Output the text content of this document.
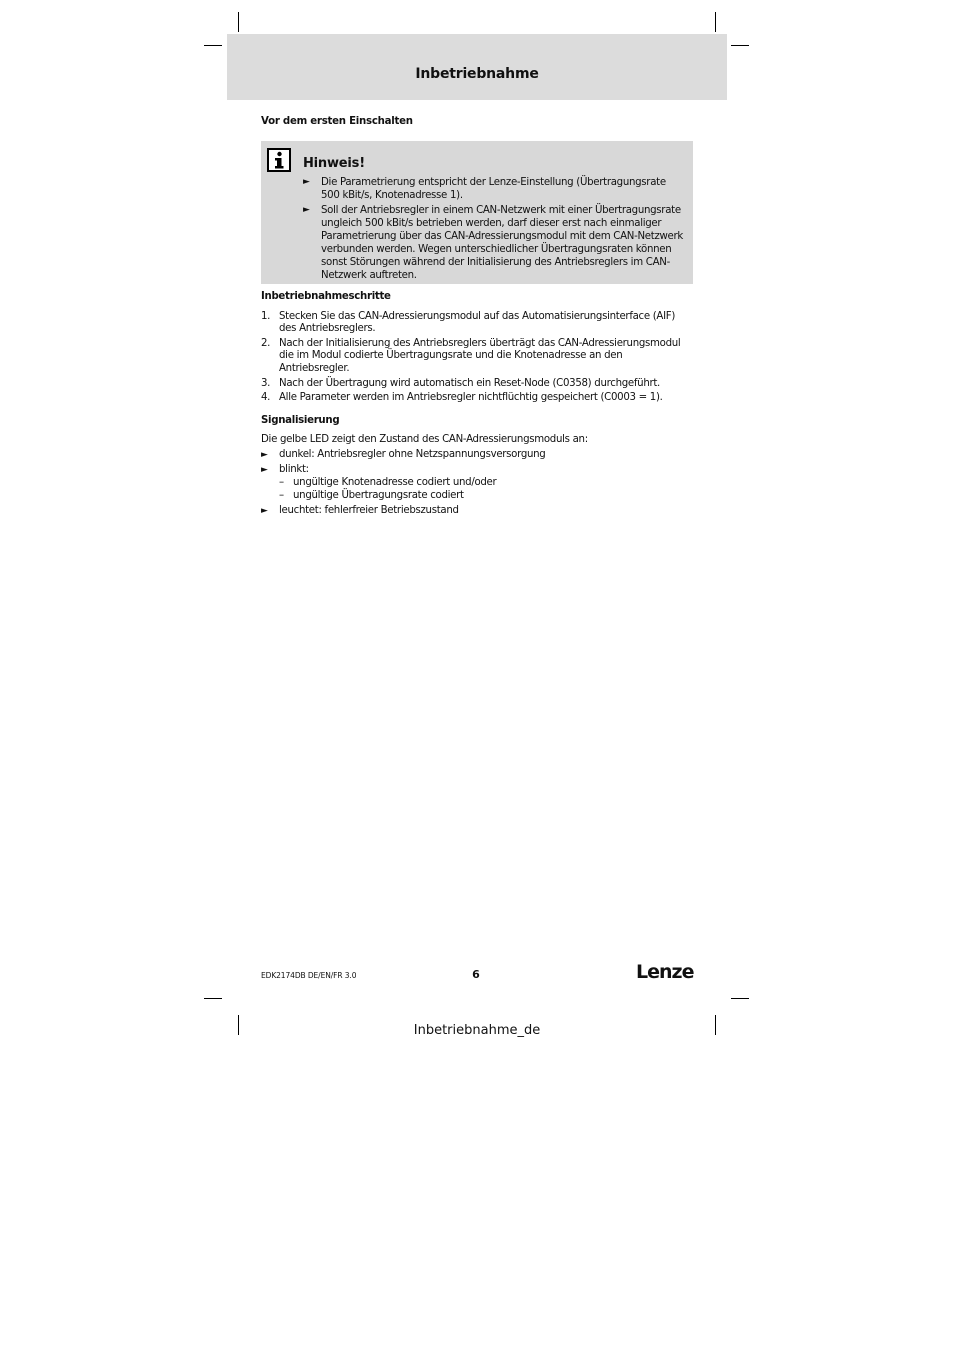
Inbetriebnahme
Vor dem ersten Einschalten
Hinweis!
► Die Parametrierung entspricht der Lenze-Einstellung (Übertragungsrate 500 kBit/s, Knotenadresse 1).
► Soll der Antriebsregler in einem CAN-Netzwerk mit einer Übertragungsrate ungleich 500 kBit/s betrieben werden, darf dieser erst nach einmaliger Parametrierung über das CAN-Adressierungsmodul mit dem CAN-Netzwerk verbunden werden. Wegen unterschiedlicher Übertragungsraten können sonst Störungen während der Initialisierung des Antriebsreglers im CAN-Netzwerk auftreten.
Inbetriebnahmeschritte
1. Stecken Sie das CAN-Adressierungsmodul auf das Automatisierungsinterface (AIF) des Antriebsreglers.
2. Nach der Initialisierung des Antriebsreglers überträgt das CAN-Adressierungsmodul die im Modul codierte Übertragungsrate und die Knotenadresse an den Antriebsregler.
3. Nach der Übertragung wird automatisch ein Reset-Node (C0358) durchgeführt.
4. Alle Parameter werden im Antriebsregler nichtflüchtig gespeichert (C0003 = 1).
Signalisierung
Die gelbe LED zeigt den Zustand des CAN-Adressierungsmoduls an:
► dunkel: Antriebsregler ohne Netzspannungsversorgung
► blinkt:
– ungültige Knotenadresse codiert und/oder
– ungültige Übertragungsrate codiert
► leuchtet: fehlerfreier Betriebszustand
EDK2174DB DE/EN/FR 3.0	6	Lenze
Inbetriebnahme_de
